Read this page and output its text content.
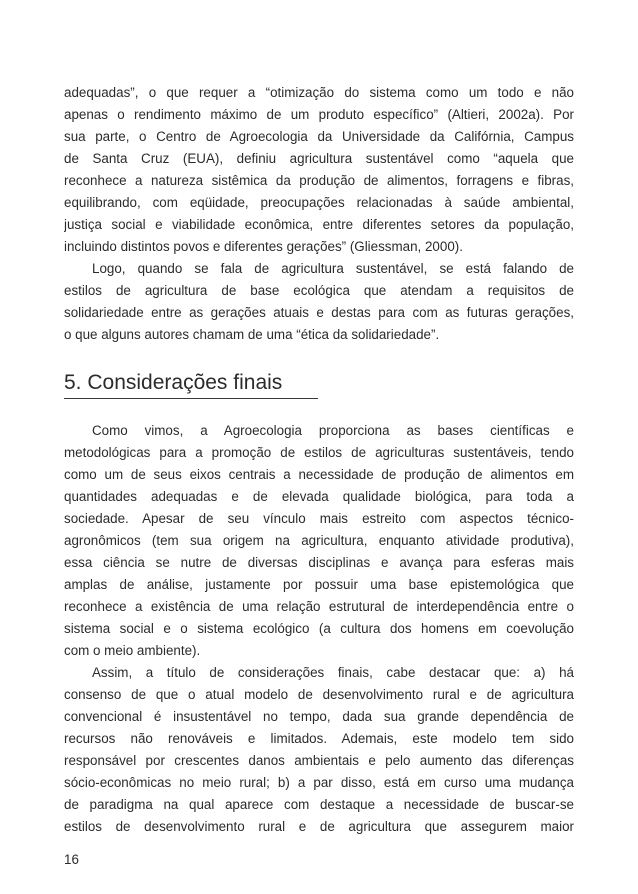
adequadas”, o que requer a “otimização do sistema como um todo e não
apenas o rendimento máximo de um produto específico” (Altieri, 2002a). Por
sua parte, o Centro de Agroecologia da Universidade da Califórnia, Campus
de Santa Cruz (EUA), definiu agricultura sustentável como “aquela que
reconhece a natureza sistêmica da produção de alimentos, forragens e fibras,
equilibrando, com eqüidade, preocupações relacionadas à saúde ambiental,
justiça social e viabilidade econômica, entre diferentes setores da população,
incluindo distintos povos e diferentes gerações” (Gliessman, 2000).
Logo, quando se fala de agricultura sustentável, se está falando de
estilos de agricultura de base ecológica que atendam a requisitos de
solidariedade entre as gerações atuais e destas para com as futuras gerações,
o que alguns autores chamam de uma “ética da solidariedade”.
5. Considerações finais
Como vimos, a Agroecologia proporciona as bases científicas e
metodológicas para a promoção de estilos de agriculturas sustentáveis, tendo
como um de seus eixos centrais a necessidade de produção de alimentos em
quantidades adequadas e de elevada qualidade biológica, para toda a
sociedade. Apesar de seu vínculo mais estreito com aspectos técnico-
agronômicos (tem sua origem na agricultura, enquanto atividade produtiva),
essa ciência se nutre de diversas disciplinas e avança para esferas mais
amplas de análise, justamente por possuir uma base epistemológica que
reconhece a existência de uma relação estrutural de interdependência entre o
sistema social e o sistema ecológico (a cultura dos homens em coevolução
com o meio ambiente).
Assim, a título de considerações finais, cabe destacar que: a) há
consenso de que o atual modelo de desenvolvimento rural e de agricultura
convencional é insustentável no tempo, dada sua grande dependência de
recursos não renováveis e limitados. Ademais, este modelo tem sido
responsável por crescentes danos ambientais e pelo aumento das diferenças
sócio-econômicas no meio rural; b) a par disso, está em curso uma mudança
de paradigma na qual aparece com destaque a necessidade de buscar-se
estilos de desenvolvimento rural e de agricultura que assegurem maior
16
